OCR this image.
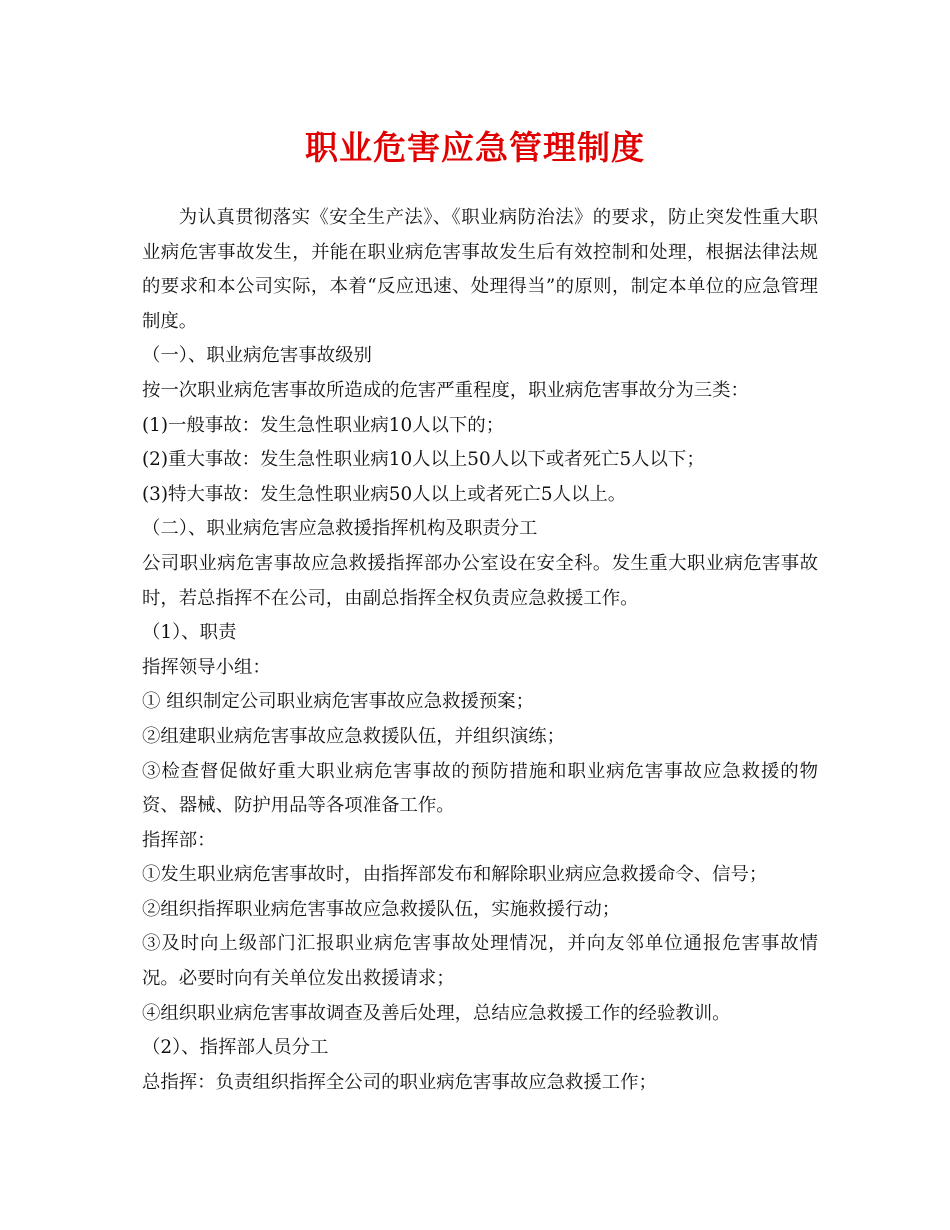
职业危害应急管理制度

为认真贯彻落实《安全生产法》、《职业病防治法》的要求，防止突发性重大职业病危害事故发生，并能在职业病危害事故发生后有效控制和处理，根据法律法规的要求和本公司实际，本着“反应迅速、处理得当”的原则，制定本单位的应急管理制度。

（一）、职业病危害事故级别

按一次职业病危害事故所造成的危害严重程度，职业病危害事故分为三类：

(1)一般事故：发生急性职业病10人以下的；

(2)重大事故：发生急性职业病10人以上50人以下或者死亡5人以下；

(3)特大事故：发生急性职业病50人以上或者死亡5人以上。

（二）、职业病危害应急救援指挥机构及职责分工

公司职业病危害事故应急救援指挥部办公室设在安全科。发生重大职业病危害事故时，若总指挥不在公司，由副总指挥全权负责应急救援工作。

（1）、职责

指挥领导小组：

① 组织制定公司职业病危害事故应急救援预案；

②组建职业病危害事故应急救援队伍，并组织演练；

③检查督促做好重大职业病危害事故的预防措施和职业病危害事故应急救援的物资、器械、防护用品等各项准备工作。

指挥部：

①发生职业病危害事故时，由指挥部发布和解除职业病应急救援命令、信号；

②组织指挥职业病危害事故应急救援队伍，实施救援行动；

③及时向上级部门汇报职业病危害事故处理情况，并向友邻单位通报危害事故情况。必要时向有关单位发出救援请求；

④组织职业病危害事故调查及善后处理，总结应急救援工作的经验教训。

（2）、指挥部人员分工

总指挥：负责组织指挥全公司的职业病危害事故应急救援工作；
